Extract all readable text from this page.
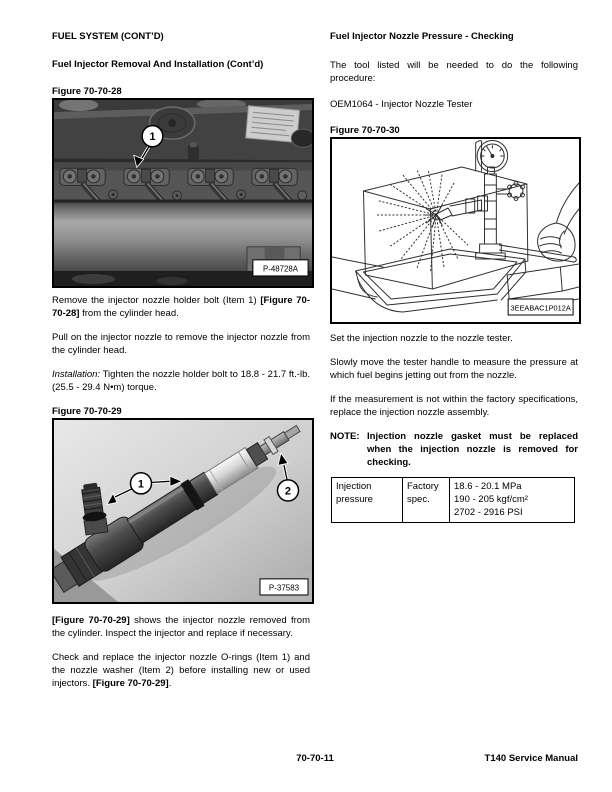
FUEL SYSTEM (CONT’D)
Fuel Injector Removal And Installation (Cont’d)
Figure 70-70-28
1
P-48728A

Remove the injector nozzle holder bolt (Item 1) [Figure 70-70-28] from the cylinder head.

Pull on the injector nozzle to remove the injector nozzle from the cylinder head.

Installation: Tighten the nozzle holder bolt to 18.8 - 21.7 ft.-lb. (25.5 - 29.4 N•m) torque.

Figure 70-70-29
1
2
P-37583

[Figure 70-70-29] shows the injector nozzle removed from the cylinder. Inspect the injector and replace if necessary.

Check and replace the injector nozzle O-rings (Item 1) and the nozzle washer (Item 2) before installing new or used injectors. [Figure 70-70-29].

Fuel Injector Nozzle Pressure - Checking

The tool listed will be needed to do the following procedure:

OEM1064 - Injector Nozzle Tester

Figure 70-70-30
3EEABAC1P012A

Set the injection nozzle to the nozzle tester.

Slowly move the tester handle to measure the pressure at which fuel begins jetting out from the nozzle.

If the measurement is not within the factory specifications, replace the injection nozzle assembly.

NOTE: Injection nozzle gasket must be replaced when the injection nozzle is removed for checking.
Injection pressure	Factory spec.	
18.6 - 20.1 MPa
190 - 205 kgf/cm²
2702 - 2916 PSI
70-70-11	T140 Service Manual
